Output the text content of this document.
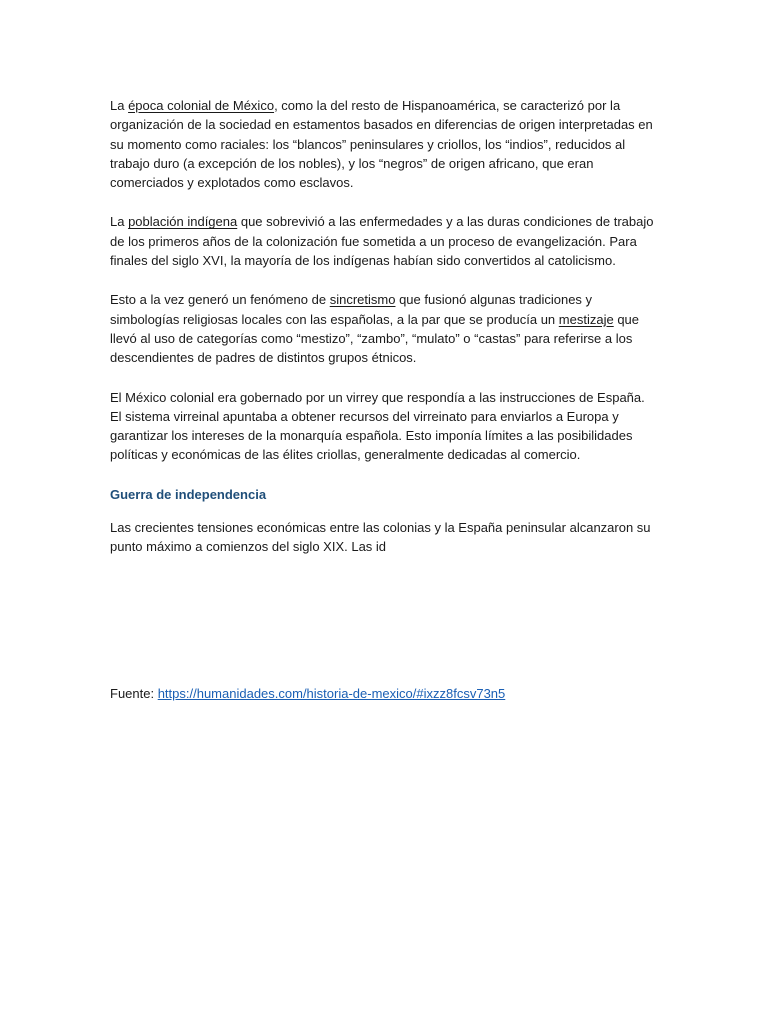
La época colonial de México, como la del resto de Hispanoamérica, se caracterizó por la organización de la sociedad en estamentos basados en diferencias de origen interpretadas en su momento como raciales: los “blancos” peninsulares y criollos, los “indios”, reducidos al trabajo duro (a excepción de los nobles), y los “negros” de origen africano, que eran comerciados y explotados como esclavos.

La población indígena que sobrevivió a las enfermedades y a las duras condiciones de trabajo de los primeros años de la colonización fue sometida a un proceso de evangelización. Para finales del siglo XVI, la mayoría de los indígenas habían sido convertidos al catolicismo.

Esto a la vez generó un fenómeno de sincretismo que fusionó algunas tradiciones y simbologías religiosas locales con las españolas, a la par que se producía un mestizaje que llevó al uso de categorías como “mestizo”, “zambo”, “mulato” o “castas” para referirse a los descendientes de padres de distintos grupos étnicos.

El México colonial era gobernado por un virrey que respondía a las instrucciones de España. El sistema virreinal apuntaba a obtener recursos del virreinato para enviarlos a Europa y garantizar los intereses de la monarquía española. Esto imponía límites a las posibilidades políticas y económicas de las élites criollas, generalmente dedicadas al comercio.

Guerra de independencia

Las crecientes tensiones económicas entre las colonias y la España peninsular alcanzaron su punto máximo a comienzos del siglo XIX. Las id

Fuente: https://humanidades.com/historia-de-mexico/#ixzz8fcsv73n5
